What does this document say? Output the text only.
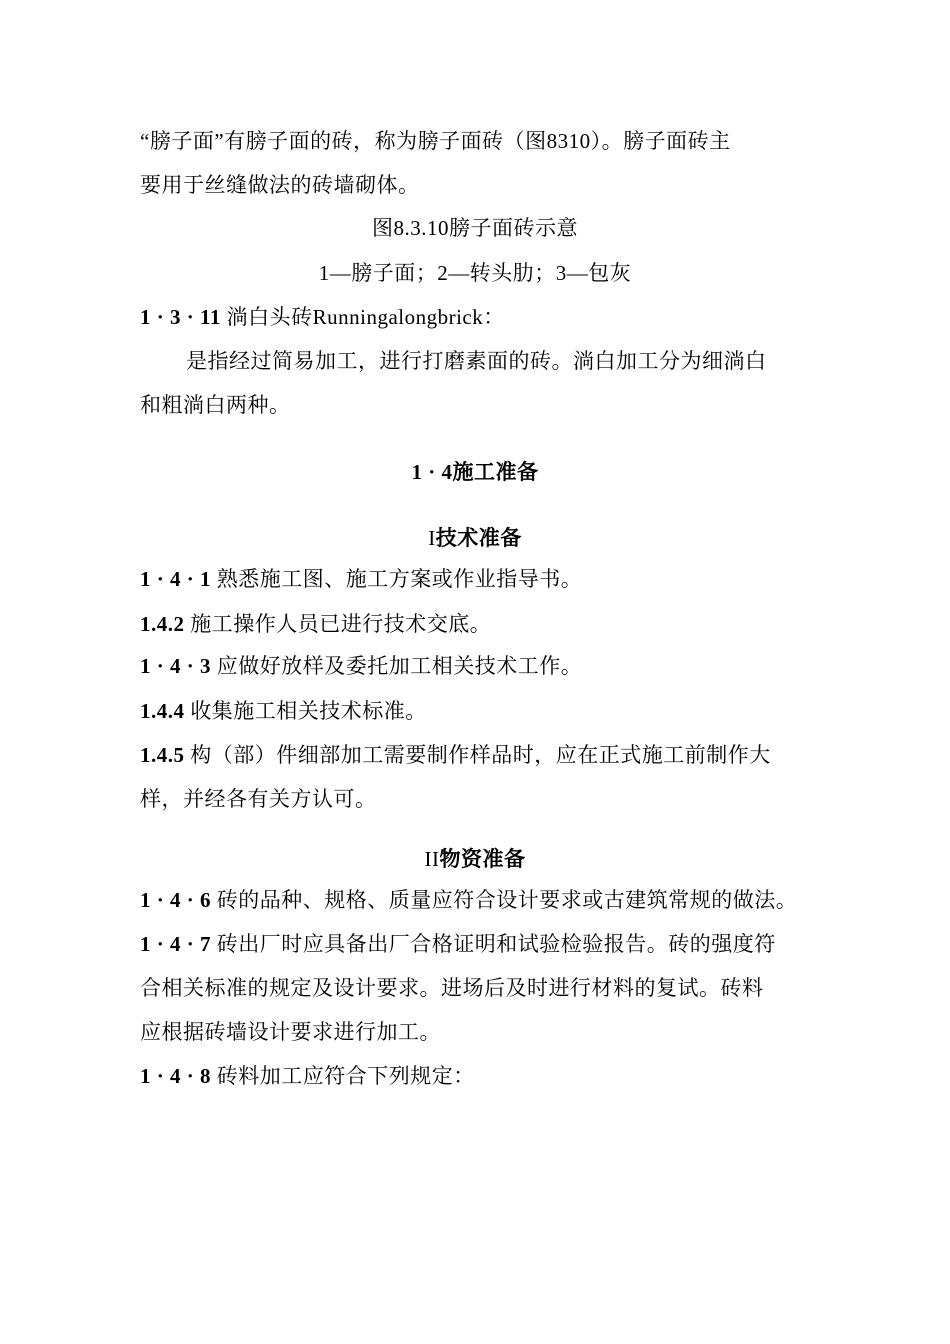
“膀子面”有膀子面的砖，称为膀子面砖（图8310）。膀子面砖主
要用于丝缝做法的砖墙砌体。
图8.3.10膀子面砖示意
1—膀子面；2—转头肋；3—包灰
1 · 3 · 11 淌白头砖Runningalongbrick：
是指经过简易加工，进行打磨素面的砖。淌白加工分为细淌白
和粗淌白两种。
1 · 4施工准备
I技术准备
1 · 4 · 1 熟悉施工图、施工方案或作业指导书。
1.4.2 施工操作人员已进行技术交底。
1 · 4 · 3 应做好放样及委托加工相关技术工作。
1.4.4 收集施工相关技术标准。
1.4.5 构（部）件细部加工需要制作样品时，应在正式施工前制作大
样，并经各有关方认可。
II物资准备
1 · 4 · 6 砖的品种、规格、质量应符合设计要求或古建筑常规的做法。
1 · 4 · 7 砖出厂时应具备出厂合格证明和试验检验报告。砖的强度符
合相关标准的规定及设计要求。进场后及时进行材料的复试。砖料
应根据砖墙设计要求进行加工。
1 · 4 · 8 砖料加工应符合下列规定：
